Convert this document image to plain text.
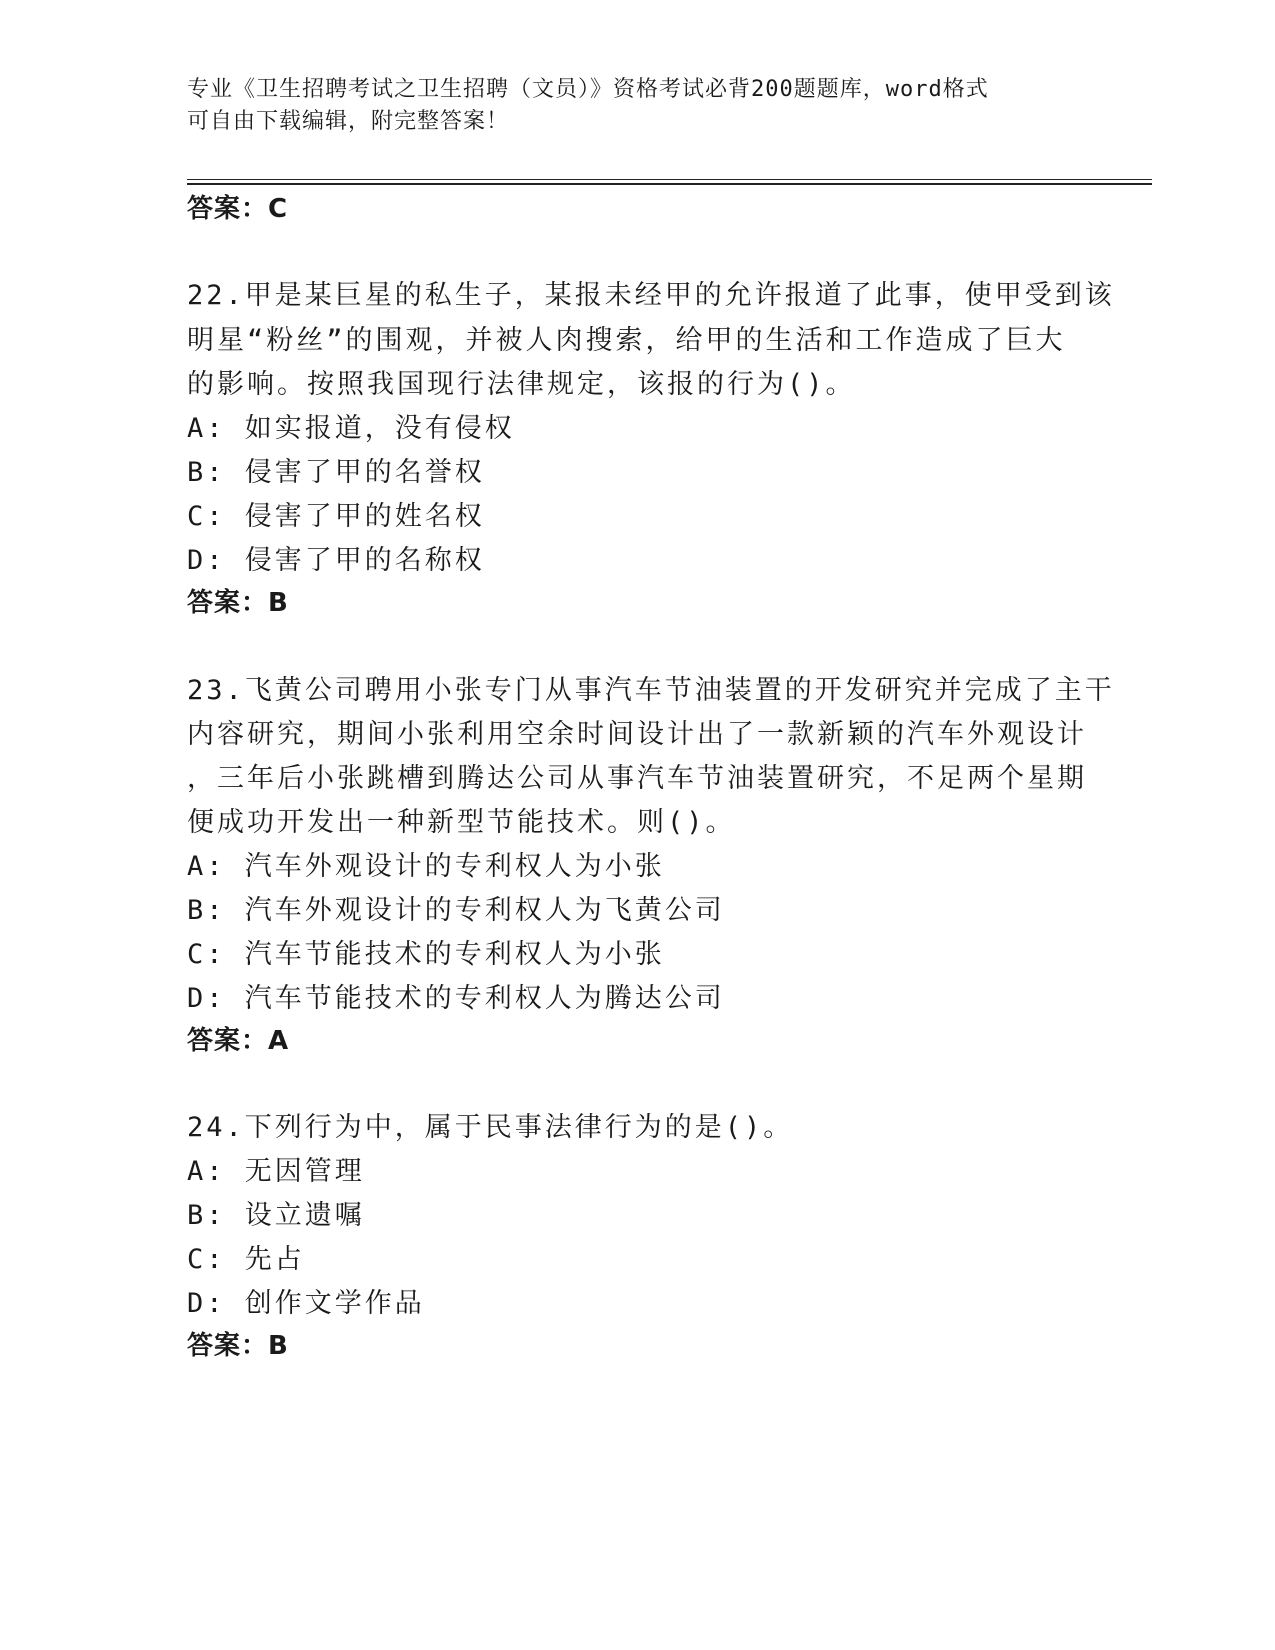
专业《卫生招聘考试之卫生招聘（文员）》资格考试必背200题题库，word格式
可自由下载编辑，附完整答案！
答案：C
22.甲是某巨星的私生子，某报未经甲的允许报道了此事，使甲受到该
明星“粉丝”的围观，并被人肉搜索，给甲的生活和工作造成了巨大
的影响。按照我国现行法律规定，该报的行为()。
A: 如实报道，没有侵权
B: 侵害了甲的名誉权
C: 侵害了甲的姓名权
D: 侵害了甲的名称权
答案：B
23.飞黄公司聘用小张专门从事汽车节油装置的开发研究并完成了主干
内容研究，期间小张利用空余时间设计出了一款新颖的汽车外观设计
，三年后小张跳槽到腾达公司从事汽车节油装置研究，不足两个星期
便成功开发出一种新型节能技术。则()。
A: 汽车外观设计的专利权人为小张
B: 汽车外观设计的专利权人为飞黄公司
C: 汽车节能技术的专利权人为小张
D: 汽车节能技术的专利权人为腾达公司
答案：A
24.下列行为中，属于民事法律行为的是()。
A: 无因管理
B: 设立遗嘱
C: 先占
D: 创作文学作品
答案：B
